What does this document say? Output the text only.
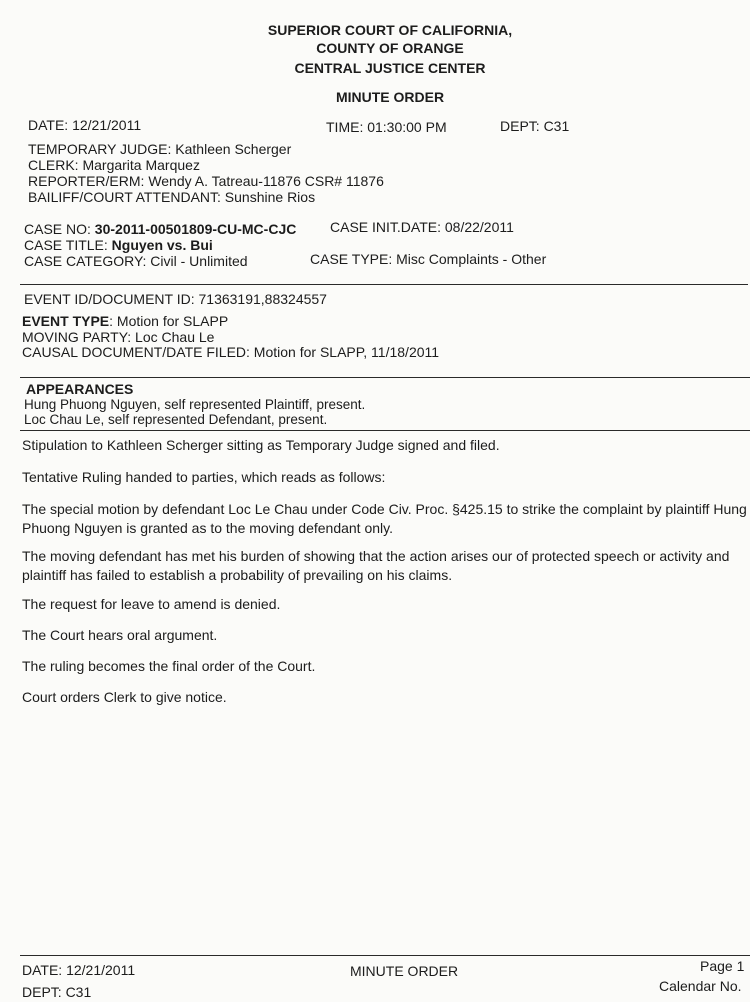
SUPERIOR COURT OF CALIFORNIA,
COUNTY OF ORANGE
CENTRAL JUSTICE CENTER
MINUTE ORDER
DATE: 12/21/2011	TIME: 01:30:00 PM	DEPT: C31
TEMPORARY JUDGE: Kathleen Scherger
CLERK: Margarita Marquez
REPORTER/ERM: Wendy A. Tatreau-11876 CSR# 11876
BAILIFF/COURT ATTENDANT: Sunshine Rios
CASE NO: 30-2011-00501809-CU-MC-CJC CASE INIT.DATE: 08/22/2011
CASE TITLE: Nguyen vs. Bui
CASE CATEGORY: Civil - Unlimited	CASE TYPE: Misc Complaints - Other
EVENT ID/DOCUMENT ID: 71363191,88324557
EVENT TYPE: Motion for SLAPP
MOVING PARTY: Loc Chau Le
CAUSAL DOCUMENT/DATE FILED: Motion for SLAPP, 11/18/2011
APPEARANCES
Hung Phuong Nguyen, self represented Plaintiff, present.
Loc Chau Le, self represented Defendant, present.
Stipulation to Kathleen Scherger sitting as Temporary Judge signed and filed.
Tentative Ruling handed to parties, which reads as follows:
The special motion by defendant Loc Le Chau under Code Civ. Proc. §425.15 to strike the complaint by plaintiff Hung Phuong Nguyen is granted as to the moving defendant only.
The moving defendant has met his burden of showing that the action arises our of protected speech or activity and plaintiff has failed to establish a probability of prevailing on his claims.
The request for leave to amend is denied.
The Court hears oral argument.
The ruling becomes the final order of the Court.
Court orders Clerk to give notice.
DATE: 12/21/2011
DEPT: C31
MINUTE ORDER	Page 1
Calendar No.
